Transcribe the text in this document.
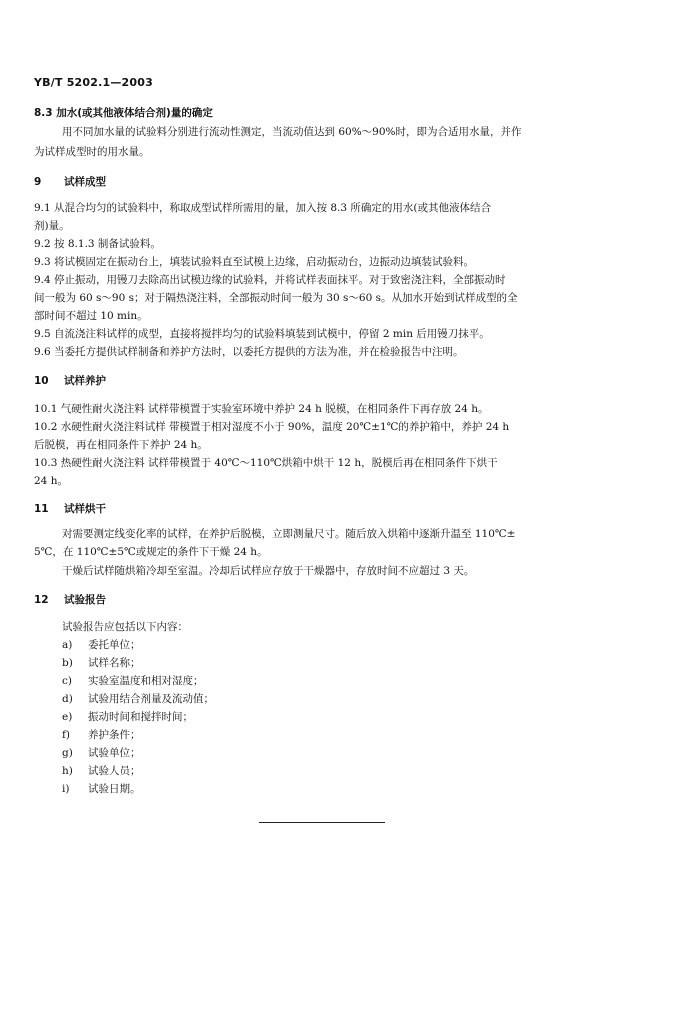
YB/T 5202.1—2003
8.3 加水(或其他液体结合剂)量的确定
用不同加水量的试验料分别进行流动性测定，当流动值达到 60%～90%时，即为合适用水量，并作
为试样成型时的用水量。
9 试样成型
9.1 从混合均匀的试验料中，称取成型试样所需用的量，加入按 8.3 所确定的用水(或其他液体结合
剂)量。
9.2 按 8.1.3 制备试验料。
9.3 将试模固定在振动台上，填装试验料直至试模上边缘，启动振动台，边振动边填装试验料。
9.4 停止振动，用镘刀去除高出试模边缘的试验料，并将试样表面抹平。对于致密浇注料，全部振动时
间一般为 60 s～90 s；对于隔热浇注料，全部振动时间一般为 30 s～60 s。从加水开始到试样成型的全
部时间不超过 10 min。
9.5 自流浇注料试样的成型，直接将搅拌均匀的试验料填装到试模中，停留 2 min 后用镘刀抹平。
9.6 当委托方提供试样制备和养护方法时，以委托方提供的方法为准，并在检验报告中注明。
10 试样养护
10.1 气硬性耐火浇注料 试样带模置于实验室环境中养护 24 h 脱模，在相同条件下再存放 24 h。
10.2 水硬性耐火浇注料试样 带模置于相对湿度不小于 90%，温度 20℃±1℃的养护箱中，养护 24 h
后脱模，再在相同条件下养护 24 h。
10.3 热硬性耐火浇注料 试样带模置于 40℃～110℃烘箱中烘干 12 h，脱模后再在相同条件下烘干
24 h。
11 试样烘干
对需要测定线变化率的试样，在养护后脱模，立即测量尺寸。随后放入烘箱中逐渐升温至 110℃±
5℃，在 110℃±5℃或规定的条件下干燥 24 h。
干燥后试样随烘箱冷却至室温。冷却后试样应存放于干燥器中，存放时间不应超过 3 天。
12 试验报告
试验报告应包括以下内容：
a) 委托单位；
b) 试样名称；
c) 实验室温度和相对湿度；
d) 试验用结合剂量及流动值；
e) 振动时间和搅拌时间；
f) 养护条件；
g) 试验单位；
h) 试验人员；
i) 试验日期。
